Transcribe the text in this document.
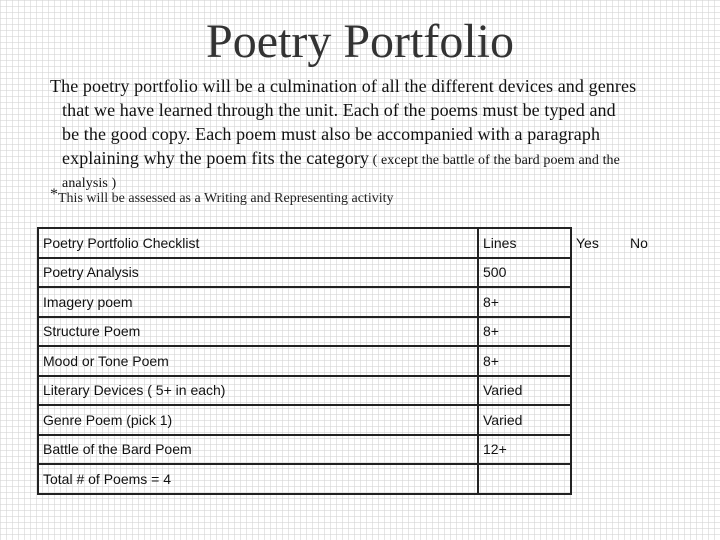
Poetry Portfolio
The poetry portfolio will be a culmination of all the different devices and genres
that we have learned through the unit. Each of the poems must be typed and
be the good copy. Each poem must also be accompanied with a paragraph
explaining why the poem fits the category ( except the battle of the bard poem and the
analysis )
*This will be assessed as a Writing and Representing activity
Poetry Portfolio Checklist	Lines	Yes	No
Poetry Analysis	500		
Imagery poem	8+		
Structure Poem	8+		
Mood or Tone Poem	8+		
Literary Devices ( 5+ in each)	Varied		
Genre Poem (pick 1)	Varied		
Battle of the Bard Poem	12+		
Total # of Poems = 4			
